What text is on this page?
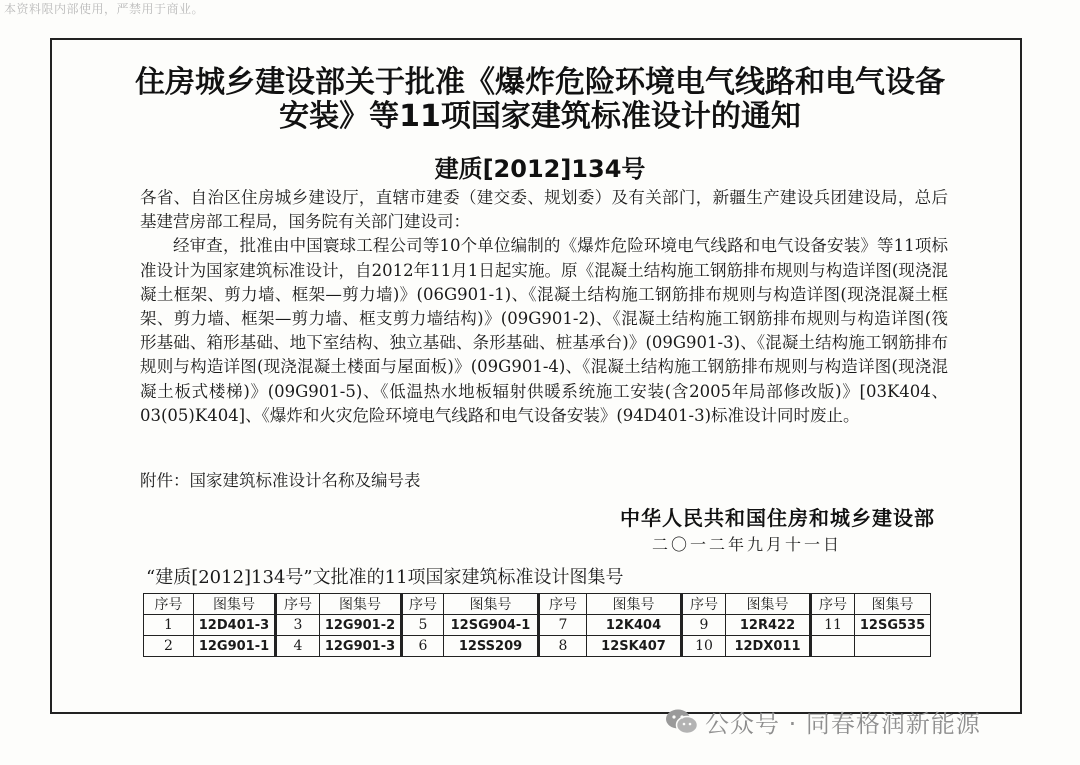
本资料限内部使用，严禁用于商业。
住房城乡建设部关于批准《爆炸危险环境电气线路和电气设备
安装》等11项国家建筑标准设计的通知
建质[2012]134号

各省、自治区住房城乡建设厅，直辖市建委（建交委、规划委）及有关部门，新疆生产建设兵团建设局，总后基建营房部工程局，国务院有关部门建设司：

经审查，批准由中国寰球工程公司等10个单位编制的《爆炸危险环境电气线路和电气设备安装》等11项标准设计为国家建筑标准设计，自2012年11月1日起实施。原《混凝土结构施工钢筋排布规则与构造详图(现浇混凝土框架、剪力墙、框架—剪力墙)》(06G901-1)、《混凝土结构施工钢筋排布规则与构造详图(现浇混凝土框架、剪力墙、框架—剪力墙、框支剪力墙结构)》(09G901-2)、《混凝土结构施工钢筋排布规则与构造详图(筏形基础、箱形基础、地下室结构、独立基础、条形基础、桩基承台)》(09G901-3)、《混凝土结构施工钢筋排布规则与构造详图(现浇混凝土楼面与屋面板)》(09G901-4)、《混凝土结构施工钢筋排布规则与构造详图(现浇混凝土板式楼梯)》(09G901-5)、《低温热水地板辐射供暖系统施工安装(含2005年局部修改版)》[03K404、03(05)K404]、《爆炸和火灾危险环境电气线路和电气设备安装》(94D401-3)标准设计同时废止。

附件：国家建筑标准设计名称及编号表
中华人民共和国住房和城乡建设部
二〇一二年九月十一日
“建质[2012]134号”文批准的11项国家建筑标准设计图集号
序号	图集号	序号	图集号	序号	图集号	序号	图集号	序号	图集号	序号	图集号
1	12D401-3	3	12G901-2	5	12SG904-1	7	12K404	9	12R422	11	12SG535
2	12G901-1	4	12G901-3	6	12SS209	8	12SK407	10	12DX011		
公众号 · 同春格润新能源
